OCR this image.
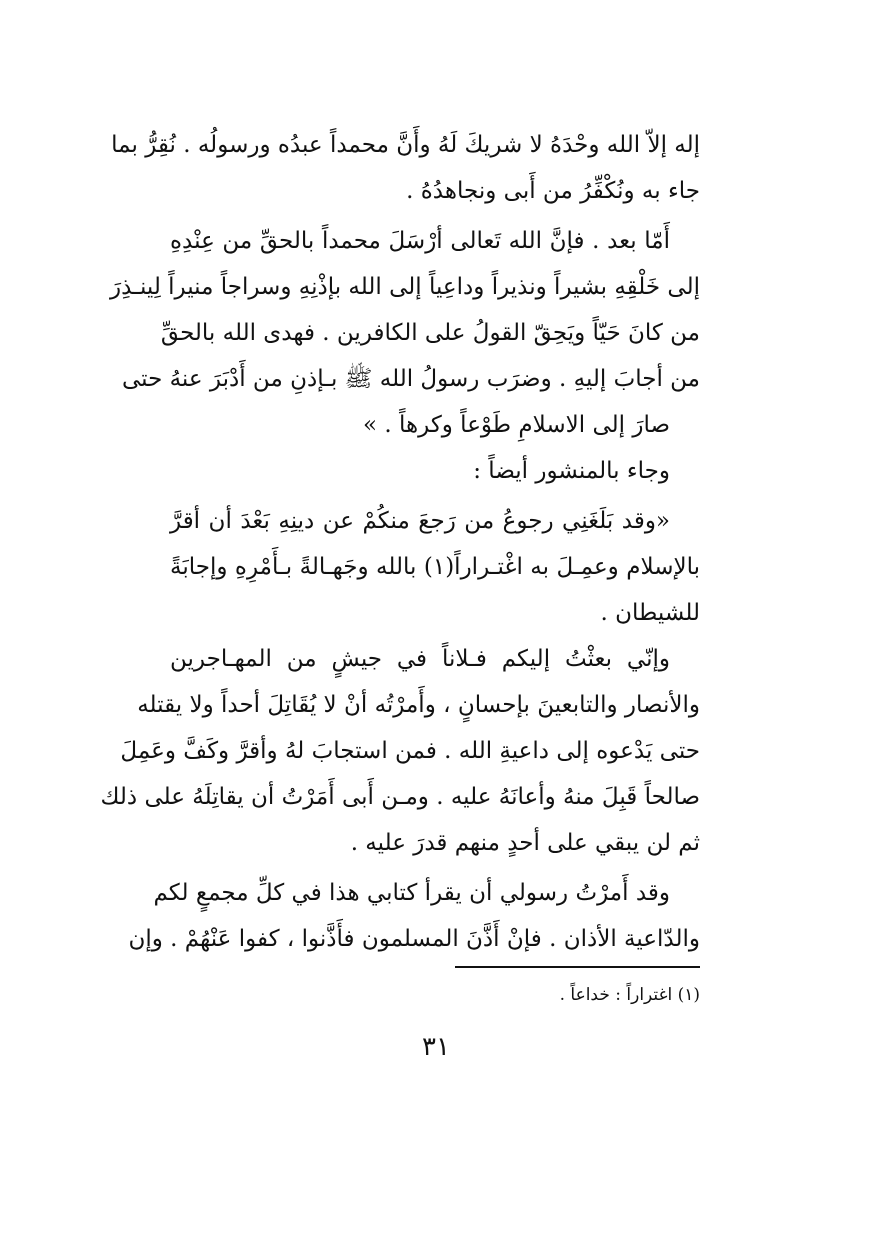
إله إلاّ الله وحْدَهُ لا شريكَ لَهُ وأَنَّ محمداً عبدُه ورسولُه . نُقِرُّ بما
جاء به ونُكْفِّرُ من أَبى ونجاهدُهُ .
أَمّا بعد . فإنَّ الله تَعالى أرْسَلَ محمداً بالحقِّ من عِنْدِهِ
إلى خَلْقِهِ بشيراً ونذيراً وداعِياً إلى الله بإذْنِهِ وسراجاً منيراً لِينـذِرَ
من كانَ حَيّاً ويَحِقّ القولُ على الكافرين . فهدى الله بالحقِّ
من أجابَ إليهِ . وضرَب رسولُ الله ﷺ بـإذنِ من أَدْبَرَ عنهُ حتى
صارَ إلى الاسلامِ طَوْعاً وكرهاً . »
وجاء بالمنشور أيضاً :
«وقد بَلَغَنِي رجوعُ من رَجعَ منكُمْ عن دينِهِ بَعْدَ أن أقرَّ
بالإسلام وعمِـلَ به اغْتـراراً(١) بالله وجَهـالةً بـأَمْرِهِ وإجابَةً
للشيطان .
وإنّي بعثْتُ إليكم فـلاناً في جيشٍ من المهـاجرين
والأنصار والتابعينَ بإحسانٍ ، وأَمرْتُه أنْ لا يُقَاتِلَ أحداً ولا يقتله
حتى يَدْعوه إلى داعيةِ الله . فمن استجابَ لهُ وأقرَّ وكَفَّ وعَمِلَ
صالحاً قَبِلَ منهُ وأعانَهُ عليه . ومـن أَبى أَمَرْتُ أن يقاتِلَهُ على ذلك
ثم لن يبقي على أحدٍ منهم قدرَ عليه .
وقد أَمرْتُ رسولي أن يقرأ كتابي هذا في كلِّ مجمعٍ لكم
والدّاعية الأذان . فإنْ أَذَّنَ المسلمون فأَذَّنوا ، كفوا عَنْهُمْ . وإن
(١) اغتراراً : خداعاً .
٣١
